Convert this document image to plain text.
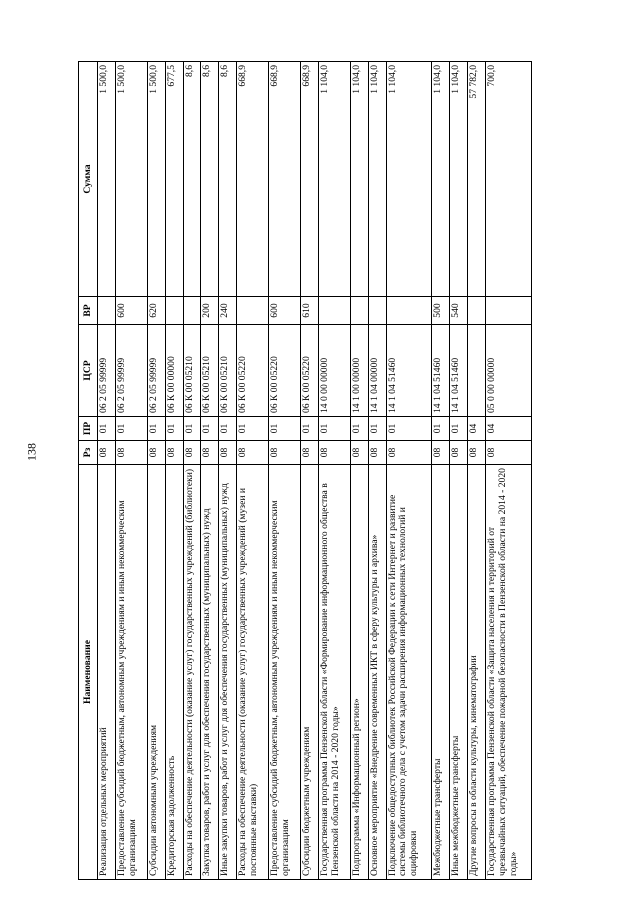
138
Наименование	Рз	ПР	ЦСР	ВР	Сумма
Реализация отдельных мероприятий	08	01	06 2 05 99999		1 500,0
Предоставление субсидий бюджетным, автономным учреждениям и иным некоммерческим организациям	08	01	06 2 05 99999	600	1 500,0
Субсидии автономным учреждениям	08	01	06 2 05 99999	620	1 500,0
Кредиторская задолженность	08	01	06 К 00 00000		677,5
Расходы на обеспечение деятельности (оказание услуг) государственных учреждений (библиотеки)	08	01	06 К 00 05210		8,6
Закупка товаров, работ и услуг для обеспечения государственных (муниципальных) нужд	08	01	06 К 00 05210	200	8,6
Иные закупки товаров, работ и услуг для обеспечения государственных (муниципальных) нужд	08	01	06 К 00 05210	240	8,6
Расходы на обеспечение деятельности (оказание услуг) государственных учреждений (музеи и постоянные выставки)	08	01	06 К 00 05220		668,9
Предоставление субсидий бюджетным, автономным учреждениям и иным некоммерческим организациям	08	01	06 К 00 05220	600	668,9
Субсидии бюджетным учреждениям	08	01	06 К 00 05220	610	668,9
Государственная программа Пензенской области «Формирование информационного общества в Пензенской области на 2014 - 2020 годы»	08	01	14 0 00 00000		1 104,0
Подпрограмма «Информационный регион»	08	01	14 1 00 00000		1 104,0
Основное мероприятие «Внедрение современных ИКТ в сферу культуры и архива»	08	01	14 1 04 00000		1 104,0
Подключение общедоступных библиотек Российской Федерации к сети Интернет и развитие системы библиотечного дела с учетом задачи расширения информационных технологий и оцифровки	08	01	14 1 04 51460		1 104,0
Межбюджетные трансферты	08	01	14 1 04 51460	500	1 104,0
Иные межбюджетные трансферты	08	01	14 1 04 51460	540	1 104,0
Другие вопросы в области культуры, кинематографии	08	04			57 782,0
Государственная программа Пензенской области «Защита населения и территорий от чрезвычайных ситуаций, обеспечение пожарной безопасности в Пензенской области на 2014 - 2020 годы»	08	04	05 0 00 00000		700,0
